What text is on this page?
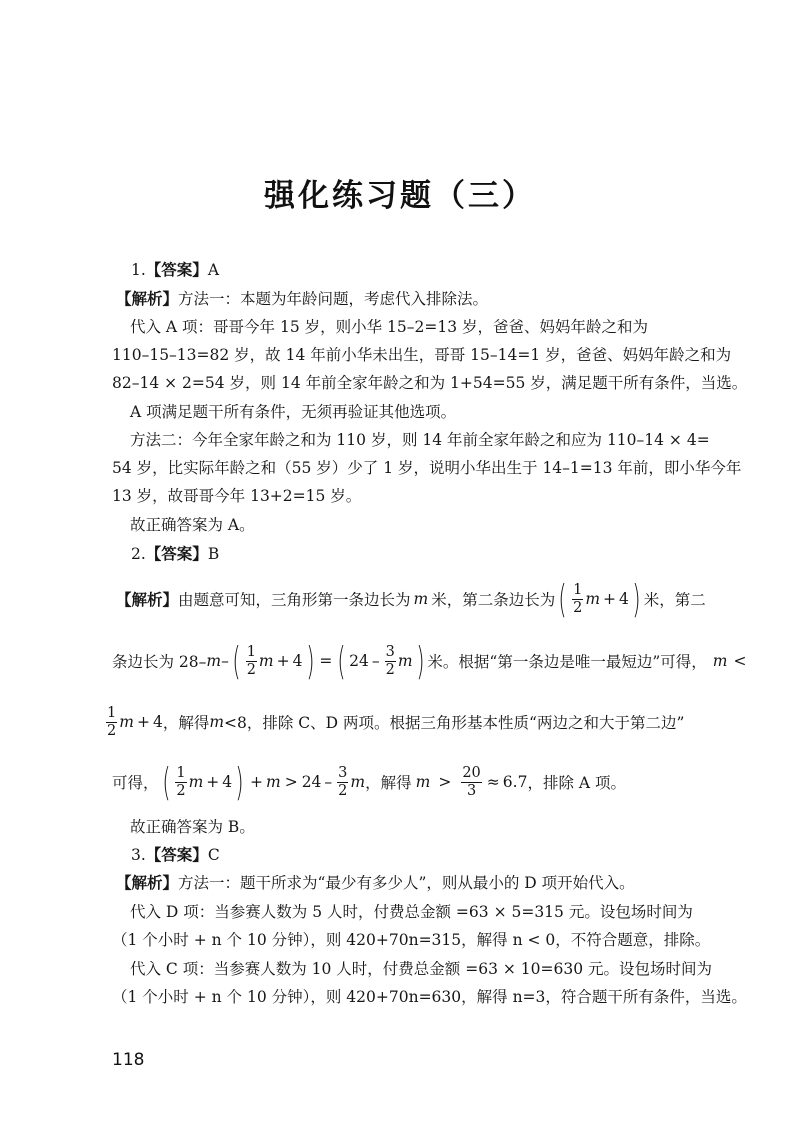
强化练习题（三）
1.【答案】A
【解析】方法一：本题为年龄问题，考虑代入排除法。
代入 A 项：哥哥今年 15 岁，则小华 15–2=13 岁，爸爸、妈妈年龄之和为
110–15–13=82 岁，故 14 年前小华未出生，哥哥 15–14=1 岁，爸爸、妈妈年龄之和为
82–14 × 2=54 岁，则 14 年前全家年龄之和为 1+54=55 岁，满足题干所有条件，当选。
A 项满足题干所有条件，无须再验证其他选项。
方法二：今年全家年龄之和为 110 岁，则 14 年前全家年龄之和应为 110–14 × 4=
54 岁，比实际年龄之和（55 岁）少了 1 岁，说明小华出生于 14–1=13 年前，即小华今年
13 岁，故哥哥今年 13+2=15 岁。
故正确答案为 A。
2.【答案】B
【解析】 由题意可知，三角形第一条边长为 m 米，第二条边长为 ( $\frac{1}{2}$ m + 4 ) 米，第二
条边长为 28– m – ( $\frac{1}{2}$ m + 4 ) = ( $24 - \frac{3}{2}$ m ) 米。根据“第一条边是唯一最短边”可得， m <
$\frac{1}{2}$ m + 4 ，解得 m <8，排除 C、D 两项。根据三角形基本性质“两边之和大于第二边”
可得， ( $\frac{1}{2}$ m + 4 ) + $m > 24 - \frac{3}{2}$ m ，解得 $m > \frac{20}{3} \approx 6.7$ ，排除 A 项。
故正确答案为 B。
3.【答案】C
【解析】方法一：题干所求为“最少有多少人”，则从最小的 D 项开始代入。
代入 D 项：当参赛人数为 5 人时，付费总金额 =63 × 5=315 元。设包场时间为
（1 个小时 + n 个 10 分钟），则 420+70n=315，解得 n < 0，不符合题意，排除。
代入 C 项：当参赛人数为 10 人时，付费总金额 =63 × 10=630 元。设包场时间为
（1 个小时 + n 个 10 分钟），则 420+70n=630，解得 n=3，符合题干所有条件，当选。
118
